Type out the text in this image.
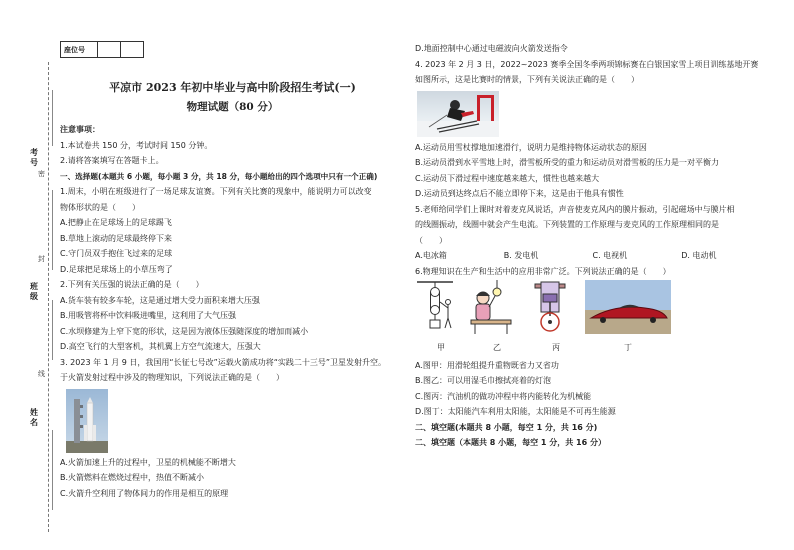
考号
班级
姓名
密
封
线
座位号		
平凉市 2023 年初中毕业与高中阶段招生考试(一)
物理试题（80 分）
注意事项：
1.本试卷共 150 分，考试时间 150 分钟。
2.请将答案填写在答题卡上。
一、选择题(本题共 6 小题，每小题 3 分，共 18 分，每小题给出的四个选项中只有一个正确)
1.周末，小明在班级进行了一场足球友谊赛。下列有关比赛的现象中，能说明力可以改变
物体形状的是（　　）
A.把静止在足球场上的足球踢飞
B.草地上滚动的足球最终停下来
C.守门员双手抱住飞过来的足球
D.足球把足球场上的小草压弯了
2.下列有关压强的说法正确的是（　　）
A.货车装有较多车轮，这是通过增大受力面积来增大压强
B.用吸管将杯中饮料吸进嘴里，这利用了大气压强
C.水坝修建为上窄下宽的形状，这是因为液体压强随深度的增加而减小
D.高空飞行的大型客机，其机翼上方空气流速大，压强大
3. 2023 年 1 月 9 日，我国用“长征七号改”运载火箭成功将“实践二十三号”卫星发射升空。
于火箭发射过程中涉及的物理知识，下列说法正确的是（　　）
A.火箭加速上升的过程中，卫星的机械能不断增大
B.火箭燃料在燃烧过程中，热值不断减小
C.火箭升空利用了物体间力的作用是相互的原理
D.地面控制中心通过电磁波向火箭发送指令
4. 2023 年 2 月 3 日，2022~2023 赛季全国冬季两项锦标赛在白银国家雪上项目训练基地开赛
如图所示，这是比赛时的情景，下列有关说法正确的是（　　）
A.运动员用雪杖撑地加速滑行，说明力是维持物体运动状态的原因
B.运动员滑到水平雪地上时，滑雪板所受的重力和运动员对滑雪板的压力是一对平衡力
C.运动员下滑过程中速度越来越大，惯性也越来越大
D.运动员到达终点后不能立即停下来，这是由于他具有惯性
5.老师给同学们上课时对着麦克风说话，声音使麦克风内的膜片振动，引起磁场中与膜片相
的线圈振动，线圈中就会产生电流。下列装置的工作原理与麦克风的工作原理相同的是
（　　）
A.电冰箱	B. 发电机	C. 电视机	D. 电动机
6.物理知识在生产和生活中的应用非常广泛。下列说法正确的是（　　）
甲	乙	丙	丁
A.图甲：用滑轮组提升重物既省力又省功
B.图乙：可以用湿毛巾擦拭亮着的灯泡
C.图丙：汽油机的做功冲程中将内能转化为机械能
D.图丁：太阳能汽车利用太阳能，太阳能是不可再生能源
二、填空题(本题共 8 小题，每空 1 分，共 16 分)
二、填空题（本题共 8 小题，每空 1 分，共 16 分）
